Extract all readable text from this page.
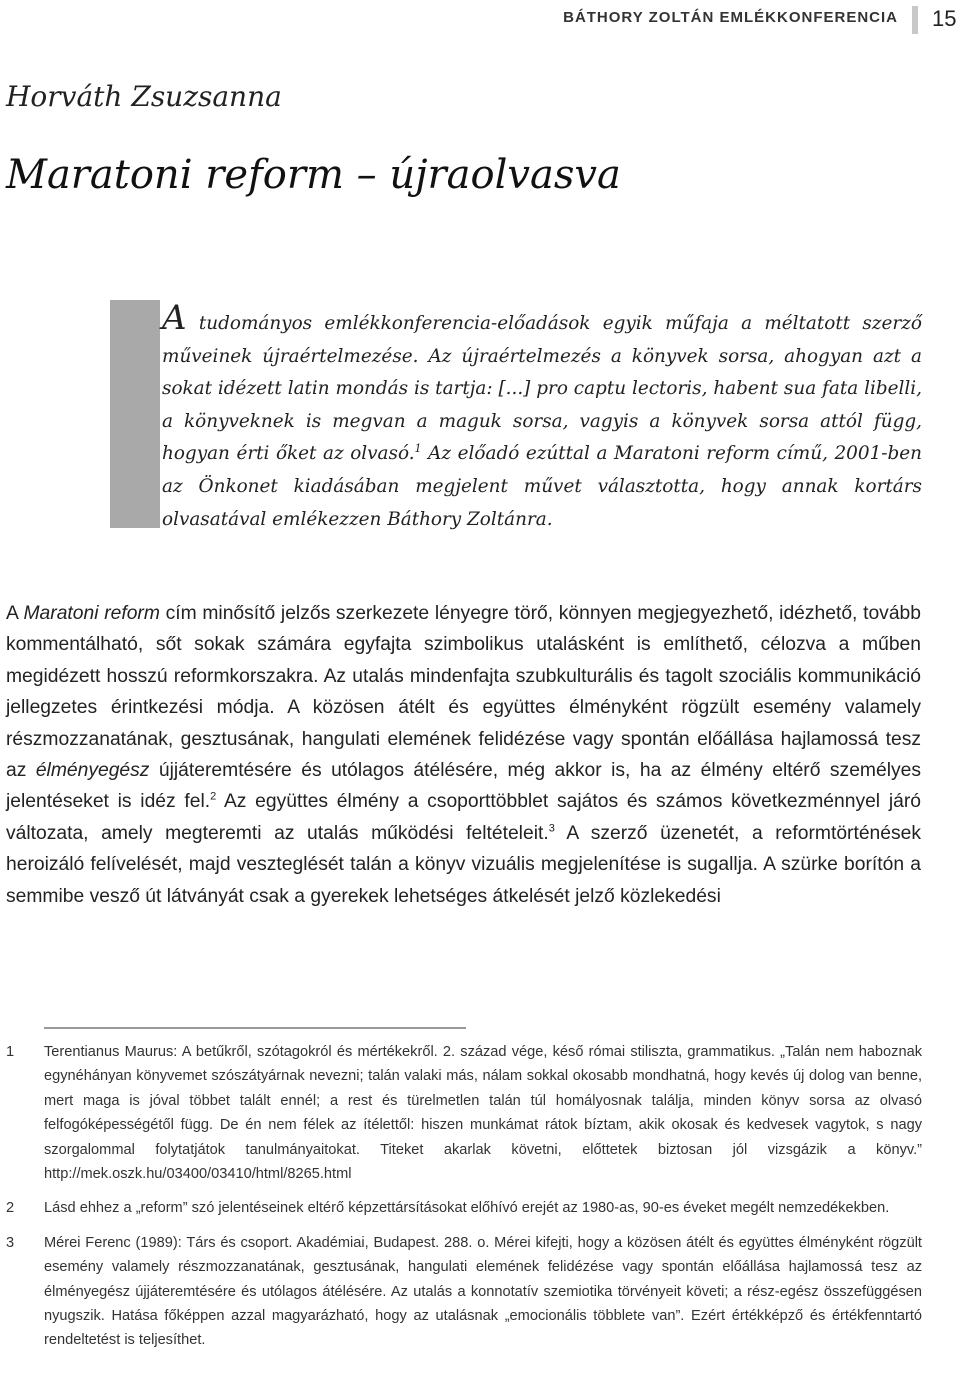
BÁTHORY ZOLTÁN EMLÉKKONFERENCIA 15
Horváth Zsuzsanna
Maratoni reform – újraolvasva
A tudományos emlékkonferencia-előadások egyik műfaja a méltatott szerző műveinek újraértelmezése. Az újraértelmezés a könyvek sorsa, ahogyan azt a sokat idézett latin mondás is tartja: [...] pro captu lectoris, habent sua fata libelli, a könyveknek is megvan a maguk sorsa, vagyis a könyvek sorsa attól függ, hogyan érti őket az olvasó.$^1$ Az előadó ezúttal a Maratoni reform című, 2001-ben az Önkonet kiadásában megjelent művet választotta, hogy annak kortárs olvasatával emlékezzen Báthory Zoltánra.
A Maratoni reform cím minősítő jelzős szerkezete lényegre törő, könnyen megjegyezhető, idézhető, tovább kommentálható, sőt sokak számára egyfajta szimbolikus utalásként is említhető, célozva a műben megidézett hosszú reformkorszakra. Az utalás mindenfajta szubkulturális és tagolt szociális kommunikáció jellegzetes érintkezési módja. A közösen átélt és együttes élményként rögzült esemény valamely részmozzanatának, gesztusának, hangulati elemének felidézése vagy spontán előállása hajlamossá tesz az élményegész újjáteremtésére és utólagos átélésére, még akkor is, ha az élmény eltérő személyes jelentéseket is idéz fel.$^2$ Az együttes élmény a csoporttöbblet sajátos és számos következménnyel járó változata, amely megteremti az utalás működési feltételeit.$^3$ A szerző üzenetét, a reformtörténések heroizáló felívelését, majd veszteglését talán a könyv vizuális megjelenítése is sugallja. A szürke borítón a semmibe vesző út látványát csak a gyerekek lehetséges átkelését jelző közlekedési
1 Terentianus Maurus: A betűkről, szótagokról és mértékekről. 2. század vége, késő római stiliszta, grammatikus. „Talán nem haboznak egynéhányan könyvemet szószátyárnak nevezni; talán valaki más, nálam sokkal okosabb mondhatná, hogy kevés új dolog van benne, mert maga is jóval többet talált ennél; a rest és türelmetlen talán túl homályosnak találja, minden könyv sorsa az olvasó felfogóképességétől függ. De én nem félek az ítélettől: hiszen munkámat rátok bíztam, akik okosak és kedvesek vagytok, s nagy szorgalommal folytatjátok tanulmányaitokat. Titeket akarlak követni, előttetek biztosan jól vizsgázik a könyv.” http://mek.oszk.hu/03400/03410/html/8265.html
2 Lásd ehhez a „reform” szó jelentéseinek eltérő képzettársításokat előhívó erejét az 1980-as, 90-es éveket megélt nemzedékekben.
3 Mérei Ferenc (1989): Társ és csoport. Akadémiai, Budapest. 288. o. Mérei kifejti, hogy a közösen átélt és együttes élményként rögzült esemény valamely részmozzanatának, gesztusának, hangulati elemének felidézése vagy spontán előállása hajlamossá tesz az élményegész újjáteremtésére és utólagos átélésére. Az utalás a konnotatív szemiotika törvényeit követi; a rész-egész összefüggésen nyugszik. Hatása főképpen azzal magyarázható, hogy az utalásnak „emocionális többlete van”. Ezért értékképző és értékfenntartó rendeltetést is teljesíthet.
